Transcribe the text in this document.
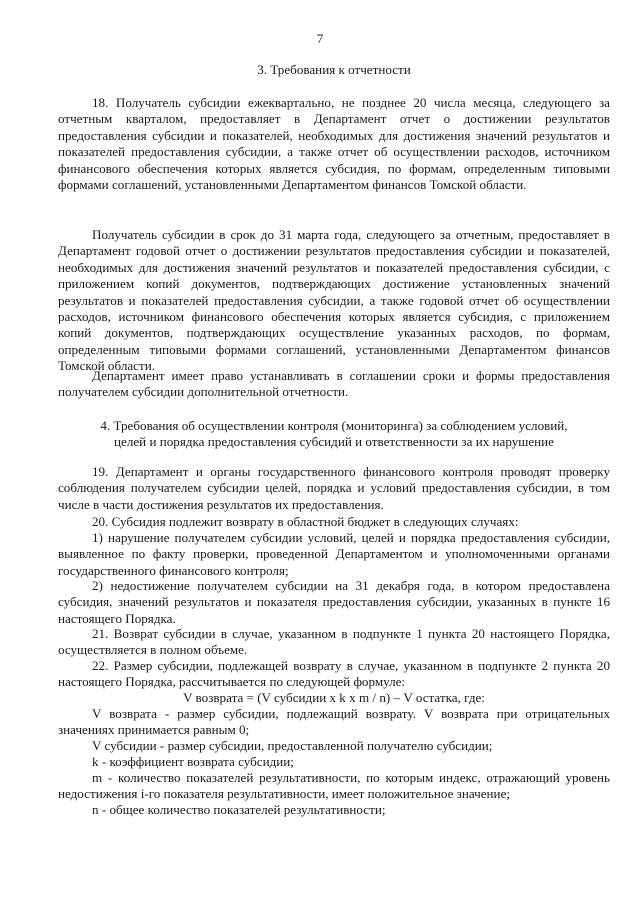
7
3. Требования к отчетности

18. Получатель субсидии ежеквартально, не позднее 20 числа месяца, следующего за отчетным кварталом, предоставляет в Департамент отчет о достижении результатов предоставления субсидии и показателей, необходимых для достижения значений результатов и показателей предоставления субсидии, а также отчет об осуществлении расходов, источником финансового обеспечения которых является субсидия, по формам, определенным типовыми формами соглашений, установленными Департаментом финансов Томской области.

Получатель субсидии в срок до 31 марта года, следующего за отчетным, предоставляет в Департамент годовой отчет о достижении результатов предоставления субсидии и показателей, необходимых для достижения значений результатов и показателей предоставления субсидии, с приложением копий документов, подтверждающих достижение установленных значений результатов и показателей предоставления субсидии, а также годовой отчет об осуществлении расходов, источником финансового обеспечения которых является субсидия, с приложением копий документов, подтверждающих осуществление указанных расходов, по формам, определенным типовыми формами соглашений, установленными Департаментом финансов Томской области.

Департамент имеет право устанавливать в соглашении сроки и формы предоставления получателем субсидии дополнительной отчетности.

4. Требования об осуществлении контроля (мониторинга) за соблюдением условий,
целей и порядка предоставления субсидий и ответственности за их нарушение

19. Департамент и органы государственного финансового контроля проводят проверку соблюдения получателем субсидии целей, порядка и условий предоставления субсидии, в том числе в части достижения результатов их предоставления.

20. Субсидия подлежит возврату в областной бюджет в следующих случаях:

1) нарушение получателем субсидии условий, целей и порядка предоставления субсидии, выявленное по факту проверки, проведенной Департаментом и уполномоченными органами государственного финансового контроля;

2) недостижение получателем субсидии на 31 декабря года, в котором предоставлена субсидия, значений результатов и показателя предоставления субсидии, указанных в пункте 16 настоящего Порядка.

21. Возврат субсидии в случае, указанном в подпункте 1 пункта 20 настоящего Порядка, осуществляется в полном объеме.

22. Размер субсидии, подлежащей возврату в случае, указанном в подпункте 2 пункта 20 настоящего Порядка, рассчитывается по следующей формуле:

V возврата = (V субсидии x k x m / n) – V остатка, где:

V возврата - размер субсидии, подлежащий возврату. V возврата при отрицательных значениях принимается равным 0;

V субсидии - размер субсидии, предоставленной получателю субсидии;

k - коэффициент возврата субсидии;

m - количество показателей результативности, по которым индекс, отражающий уровень недостижения i-го показателя результативности, имеет положительное значение;

n - общее количество показателей результативности;
